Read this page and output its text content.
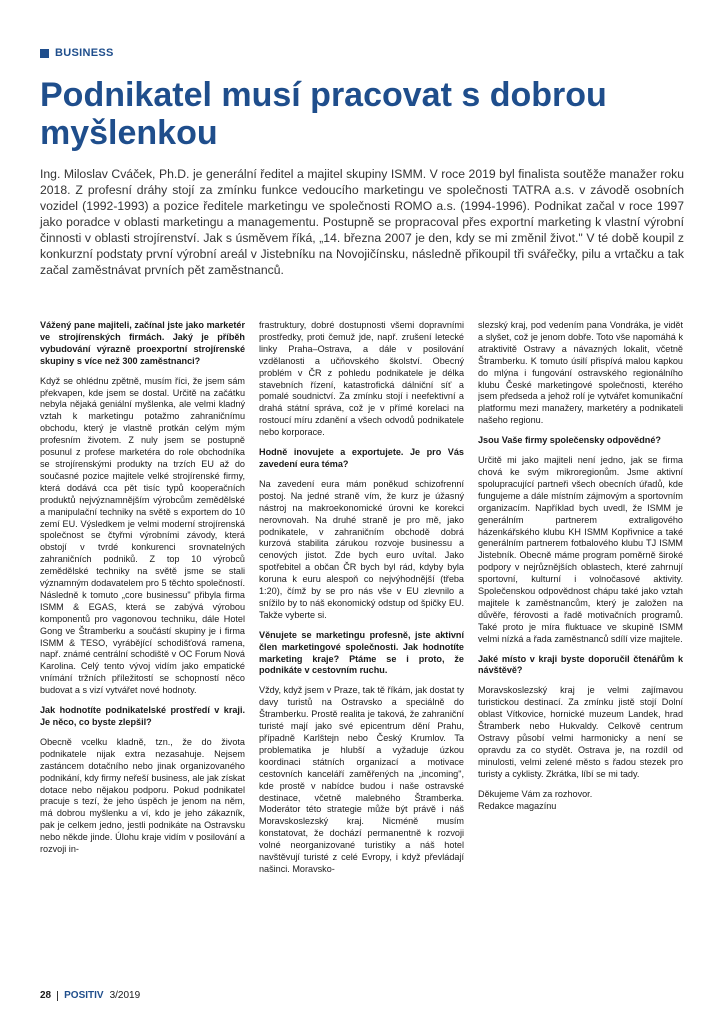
BUSINESS
Podnikatel musí pracovat s dobrou myšlenkou

Ing. Miloslav Cváček, Ph.D. je generální ředitel a majitel skupiny ISMM. V roce 2019 byl finalista soutěže manažer roku 2018. Z profesní dráhy stojí za zmínku funkce vedoucího marketingu ve společnosti TATRA a.s. v závodě osobních vozidel (1992-1993) a pozice ředitele marketingu ve společnosti ROMO a.s. (1994-1996). Podnikat začal v roce 1997 jako poradce v oblasti marketingu a managementu. Postupně se propracoval přes exportní marketing k vlastní výrobní činnosti v oblasti strojírenství. Jak s úsměvem říká, „14. března 2007 je den, kdy se mi změnil život." V té době koupil z konkurzní podstaty první výrobní areál v Jistebníku na Novojičínsku, následně přikoupil tři svářečky, pilu a vrtačku a tak začal zaměstnávat prvních pět zaměstnanců.

Vážený pane majiteli, začínal jste jako marketér ve strojírenských firmách. Jaký je příběh vybudování výrazně proexportní strojírenské skupiny s více než 300 zaměstnanci?

Když se ohlédnu zpětně, musím říci, že jsem sám překvapen, kde jsem se dostal. Určitě na začátku nebyla nějaká geniální myšlenka, ale velmi kladný vztah k marketingu potažmo zahraničnímu obchodu, který je vlastně protkán celým mým profesním životem. Z nuly jsem se postupně posunul z profese marketéra do role obchodníka se strojírenskými produkty na trzích EU až do současné pozice majitele velké strojírenské firmy, která dodává cca pět tisíc typů kooperačních produktů nejvýznamnějším výrobcům zemědělské a manipulační techniky na světě s exportem do 10 zemí EU. Výsledkem je velmi moderní strojírenská společnost se čtyřmi výrobními závody, která obstojí v tvrdé konkurenci srovnatelných zahraničních podniků. Z top 10 výrobců zemědělské techniky na světě jsme se stali významným dodavatelem pro 5 těchto společností. Následně k tomuto „core businessu" přibyla firma ISMM & EGAS, která se zabývá výrobou komponentů pro vagonovou techniku, dále Hotel Gong ve Štramberku a součástí skupiny je i firma ISMM & TESO, vyrábějící schodišťová ramena, např. známé centrální schodiště v OC Forum Nová Karolina. Celý tento vývoj vidím jako empatické vnímání tržních příležitostí se schopností něco budovat a s vizí vytvářet nové hodnoty.

Jak hodnotíte podnikatelské prostředí v kraji. Je něco, co byste zlepšil?

Obecně vcelku kladně, tzn., že do života podnikatele nijak extra nezasahuje. Nejsem zastáncem dotačního nebo jinak organizovaného podnikání, kdy firmy neřeší business, ale jak získat dotace nebo nějakou podporu. Pokud podnikatel pracuje s tezí, že jeho úspěch je jenom na něm, má dobrou myšlenku a ví, kdo je jeho zákazník, pak je celkem jedno, jestli podnikáte na Ostravsku nebo někde jinde. Úlohu kraje vidím v posilování a rozvoji in-

frastruktury, dobré dostupnosti všemi dopravními prostředky, proti čemuž jde, např. zrušení letecké linky Praha–Ostrava, a dále v posilování vzdělanosti a učňovského školství. Obecný problém v ČR z pohledu podnikatele je délka stavebních řízení, katastrofická dálniční síť a pomalé soudnictví. Za zmínku stojí i neefektivní a drahá státní správa, což je v přímé korelaci na rostoucí míru zdanění a všech odvodů podnikatele nebo korporace.

Hodně inovujete a exportujete. Je pro Vás zavedení eura téma?

Na zavedení eura mám poněkud schizofrenní postoj. Na jedné straně vím, že kurz je úžasný nástroj na makroekonomické úrovni ke korekci nerovnovah. Na druhé straně je pro mě, jako podnikatele, v zahraničním obchodě dobrá kurzová stabilita zárukou rozvoje businessu a cenových jistot. Zde bych euro uvítal. Jako spotřebitel a občan ČR bych byl rád, kdyby byla koruna k euru alespoň co nejvýhodnější (třeba 1:20), čímž by se pro nás vše v EU zlevnilo a snížilo by to náš ekonomický odstup od špičky EU. Takže vyberte si.

Věnujete se marketingu profesně, jste aktivní člen marketingové společnosti. Jak hodnotíte marketing kraje? Ptáme se i proto, že podnikáte v cestovním ruchu.

Vždy, když jsem v Praze, tak tě říkám, jak dostat ty davy turistů na Ostravsko a speciálně do Štramberku. Prostě realita je taková, že zahraniční turisté mají jako své epicentrum dění Prahu, případně Karlštejn nebo Český Krumlov. Ta problematika je hlubší a vyžaduje úzkou koordinaci státních organizací a motivace cestovních kanceláří zaměřených na „incoming", kde prostě v nabídce budou i naše ostravské destinace, včetně malebného Štramberka. Moderátor této strategie může být právě i náš Moravskoslezský kraj. Nicméně musím konstatovat, že dochází permanentně k rozvoji volné neorganizované turistiky a náš hotel navštěvují turisté z celé Evropy, i když převládají našinci. Moravsko-

slezský kraj, pod vedením pana Vondráka, je vidět a slyšet, což je jenom dobře. Toto vše napomáhá k atraktivitě Ostravy a návazných lokalit, včetně Štramberku. K tomuto úsilí přispívá malou kapkou do mlýna i fungování ostravského regionálního klubu České marketingové společnosti, kterého jsem předseda a jehož rolí je vytvářet komunikační platformu mezi manažery, marketéry a podnikateli našeho regionu.

Jsou Vaše firmy společensky odpovědné?

Určitě mi jako majiteli není jedno, jak se firma chová ke svým mikroregionům. Jsme aktivní spolupracující partneři všech obecních úřadů, kde fungujeme a dále místním zájmovým a sportovním organizacím. Například bych uvedl, že ISMM je generálním partnerem extraligového házenkářského klubu KH ISMM Kopřivnice a také generálním partnerem fotbalového klubu TJ ISMM Jistebník. Obecně máme program poměrně široké podpory v nejrůznějších oblastech, které zahrnují sportovní, kulturní i volnočasové aktivity. Společenskou odpovědnost chápu také jako vztah majitele k zaměstnancům, který je založen na důvěře, férovosti a řadě motivačních programů. Také proto je míra fluktuace ve skupině ISMM velmi nízká a řada zaměstnanců sdílí vize majitele.

Jaké místo v kraji byste doporučil čtenářům k návštěvě?

Moravskoslezský kraj je velmi zajímavou turistickou destinací. Za zmínku jistě stojí Dolní oblast Vítkovice, hornické muzeum Landek, hrad Štramberk nebo Hukvaldy. Celkově centrum Ostravy působí velmi harmonicky a není se opravdu za co stydět. Ostrava je, na rozdíl od minulosti, velmi zelené město s řadou stezek pro turisty a cyklisty. Zkrátka, líbí se mi tady.

Děkujeme Vám za rozhovor.

Redakce magazínu

28 POSITIV 3/2019
